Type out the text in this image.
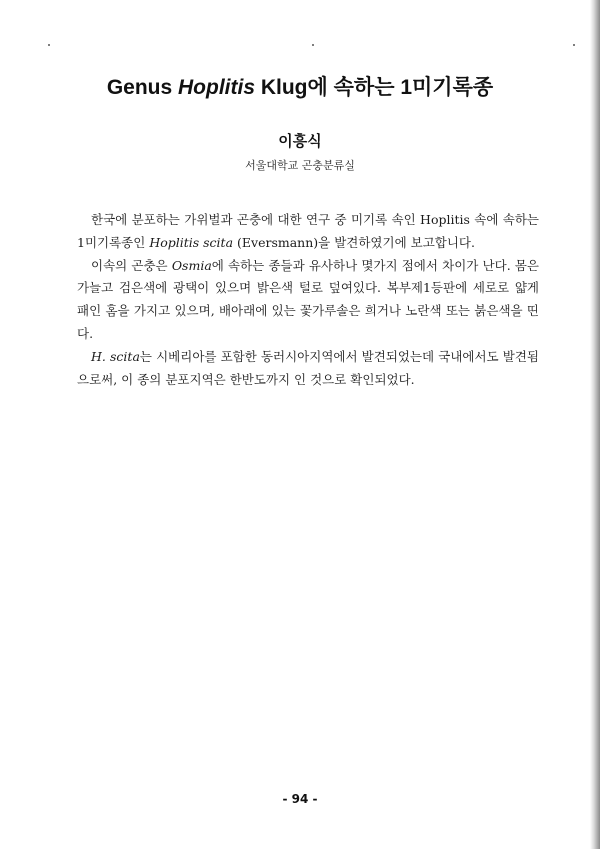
Genus Hoplitis Klug에 속하는 1미기록종
이흥식
서울대학교 곤충분류실

한국에 분포하는 가위벌과 곤충에 대한 연구 중 미기록 속인 Hoplitis 속에 속하는 1미기록종인 Hoplitis scita (Eversmann)을 발견하였기에 보고합니다.

이속의 곤충은 Osmia에 속하는 종들과 유사하나 몇가지 점에서 차이가 난다. 몸은 가늘고 검은색에 광택이 있으며 밝은색 털로 덮여있다. 복부제1등판에 세로로 얇게 패인 홈을 가지고 있으며, 배아래에 있는 꽃가루솔은 희거나 노란색 또는 붉은색을 띤다.

H. scita는 시베리아를 포함한 동러시아지역에서 발견되었는데 국내에서도 발견됨으로써, 이 종의 분포지역은 한반도까지 인 것으로 확인되었다.

- 94 -
